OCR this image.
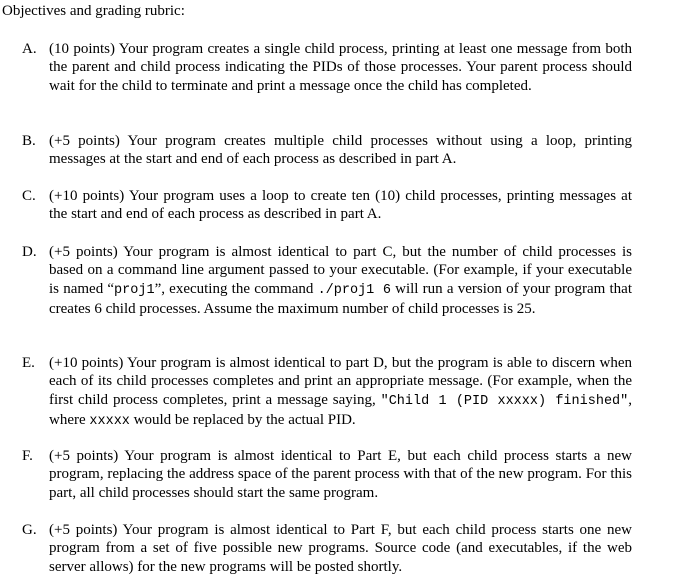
Objectives and grading rubric:
A. (10 points) Your program creates a single child process, printing at least one message from both the parent and child process indicating the PIDs of those processes. Your parent process should wait for the child to terminate and print a message once the child has completed.
B. (+5 points) Your program creates multiple child processes without using a loop, printing messages at the start and end of each process as described in part A.
C. (+10 points) Your program uses a loop to create ten (10) child processes, printing messages at the start and end of each process as described in part A.
D. (+5 points) Your program is almost identical to part C, but the number of child processes is based on a command line argument passed to your executable. (For example, if your executable is named “proj1”, executing the command ./proj1 6 will run a version of your program that creates 6 child processes. Assume the maximum number of child processes is 25.
E. (+10 points) Your program is almost identical to part D, but the program is able to discern when each of its child processes completes and print an appropriate message. (For example, when the first child process completes, print a message saying, "Child 1 (PID xxxxx) finished", where xxxxx would be replaced by the actual PID.
F. (+5 points) Your program is almost identical to Part E, but each child process starts a new program, replacing the address space of the parent process with that of the new program. For this part, all child processes should start the same program.
G. (+5 points) Your program is almost identical to Part F, but each child process starts one new program from a set of five possible new programs. Source code (and executables, if the web server allows) for the new programs will be posted shortly.
